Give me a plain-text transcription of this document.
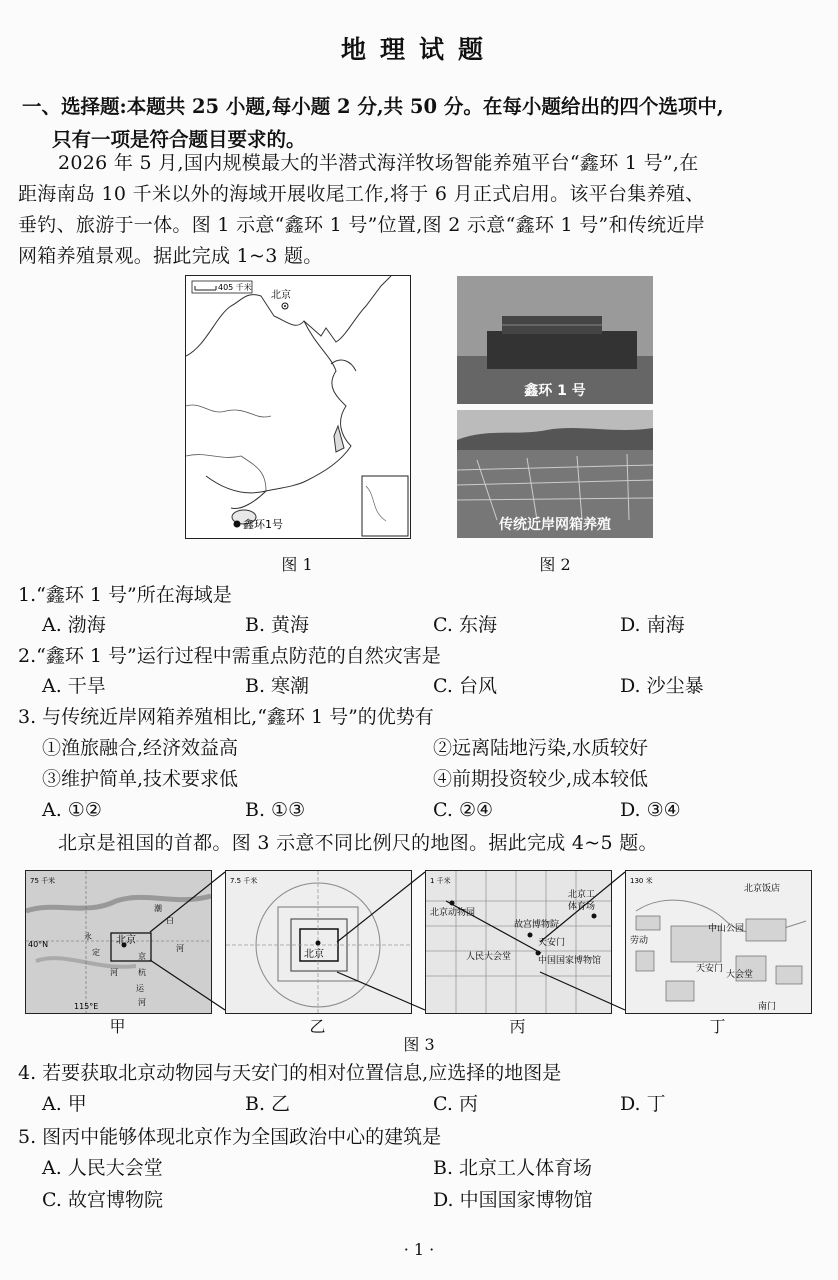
地理试题
一、选择题:本题共 25 小题,每小题 2 分,共 50 分。在每小题给出的四个选项中,
只有一项是符合题目要求的。
2026 年 5 月,国内规模最大的半潜式海洋牧场智能养殖平台“鑫环 1 号”,在
距海南岛 10 千米以外的海域开展收尾工作,将于 6 月正式启用。该平台集养殖、
垂钓、旅游于一体。图 1 示意“鑫环 1 号”位置,图 2 示意“鑫环 1 号”和传统近岸
网箱养殖景观。据此完成 1~3 题。
405 千米
北京
鑫环1号
图 1
鑫环 1 号
传统近岸网箱养殖
图 2
1.“鑫环 1 号”所在海域是
A. 渤海	B. 黄海	C. 东海	D. 南海
2.“鑫环 1 号”运行过程中需重点防范的自然灾害是
A. 干旱	B. 寒潮	C. 台风	D. 沙尘暴
3. 与传统近岸网箱养殖相比,“鑫环 1 号”的优势有
①渔旅融合,经济效益高	②远离陆地污染,水质较好
③维护简单,技术要求低	④前期投资较少,成本较低
A. ①②	B. ①③	C. ②④	D. ③④
北京是祖国的首都。图 3 示意不同比例尺的地图。据此完成 4~5 题。
75 千米
40°N
115°E
北京
永
定
河
潮
白
京
杭
运
河
河
7.5 千米
北京
1 千米
北京动物园
故宫博物院
天安门
体育场
北京工
人民大会堂	中国国家博物馆
130 米
北京饭店
劳动
中山公园
天安门
大会堂
南门
甲	乙	丙	丁
图 3
4. 若要获取北京动物园与天安门的相对位置信息,应选择的地图是
A. 甲	B. 乙	C. 丙	D. 丁
5. 图丙中能够体现北京作为全国政治中心的建筑是
A. 人民大会堂	B. 北京工人体育场
C. 故宫博物院	D. 中国国家博物馆
· 1 ·
